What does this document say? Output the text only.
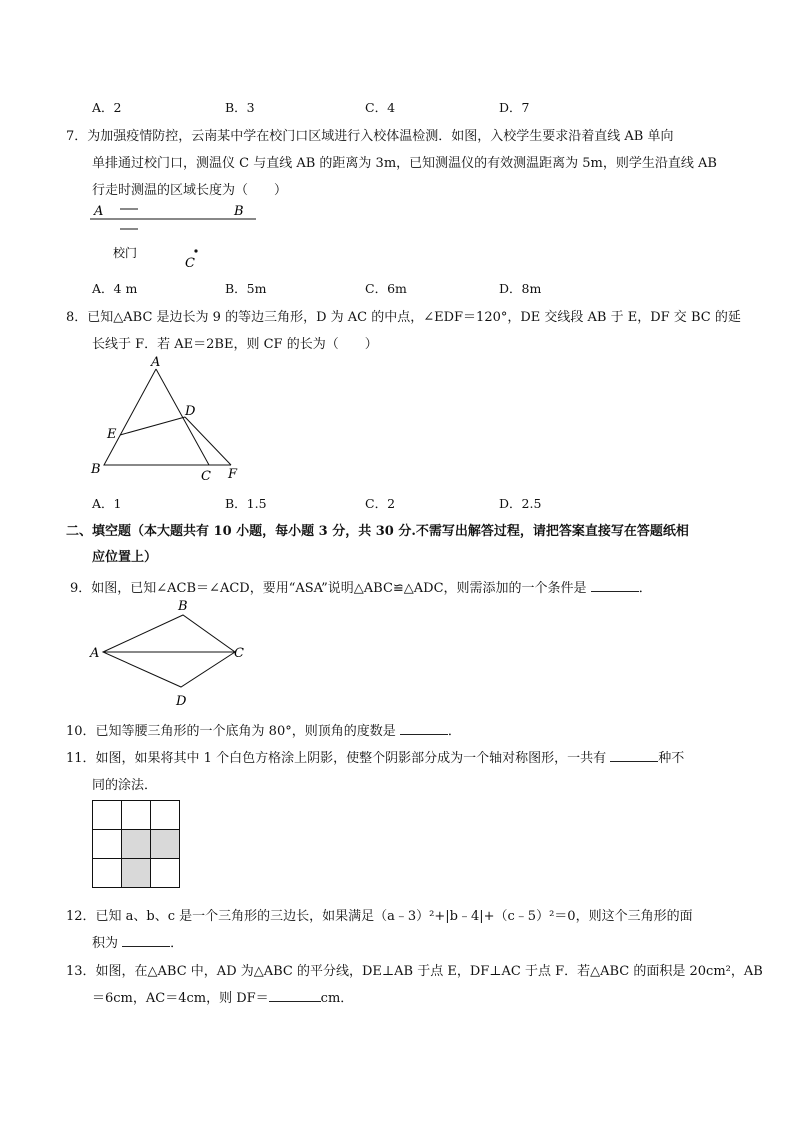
A．2	B．3	C．4	D．7
7．为加强疫情防控，云南某中学在校门口区域进行入校体温检测．如图，入校学生要求沿着直线 AB 单向
单排通过校门口，测温仪 C 与直线 AB 的距离为 3m，已知测温仪的有效测温距离为 5m，则学生沿直线 AB
行走时测温的区域长度为（　　）
A	B
校门
C
A．4 m	B．5m	C．6m	D．8m
8．已知△ABC 是边长为 9 的等边三角形，D 为 AC 的中点，∠EDF＝120°，DE 交线段 AB 于 E，DF 交 BC 的延
长线于 F．若 AE＝2BE，则 CF 的长为（　　）
A
B	C
D
E
F
A．1	B．1.5	C．2	D．2.5
二、填空题（本大题共有 10 小题，每小题 3 分，共 30 分.不需写出解答过程，请把答案直接写在答题纸相
应位置上）
9．如图，已知∠ACB＝∠ACD，要用“ASA”说明△ABC≌△ADC，则需添加的一个条件是	．
A
B
C
D
10．已知等腰三角形的一个底角为 80°，则顶角的度数是	．
11．如图，如果将其中 1 个白色方格涂上阴影，使整个阴影部分成为一个轴对称图形，一共有	种不
同的涂法．
12．已知 a、b、c 是一个三角形的三边长，如果满足（a﹣3）²+|b﹣4|+（c﹣5）²＝0，则这个三角形的面
积为	．
13．如图，在△ABC 中，AD 为△ABC 的平分线，DE⊥AB 于点 E，DF⊥AC 于点 F．若△ABC 的面积是 20cm²，AB
＝6cm，AC＝4cm，则 DF＝	cm．
